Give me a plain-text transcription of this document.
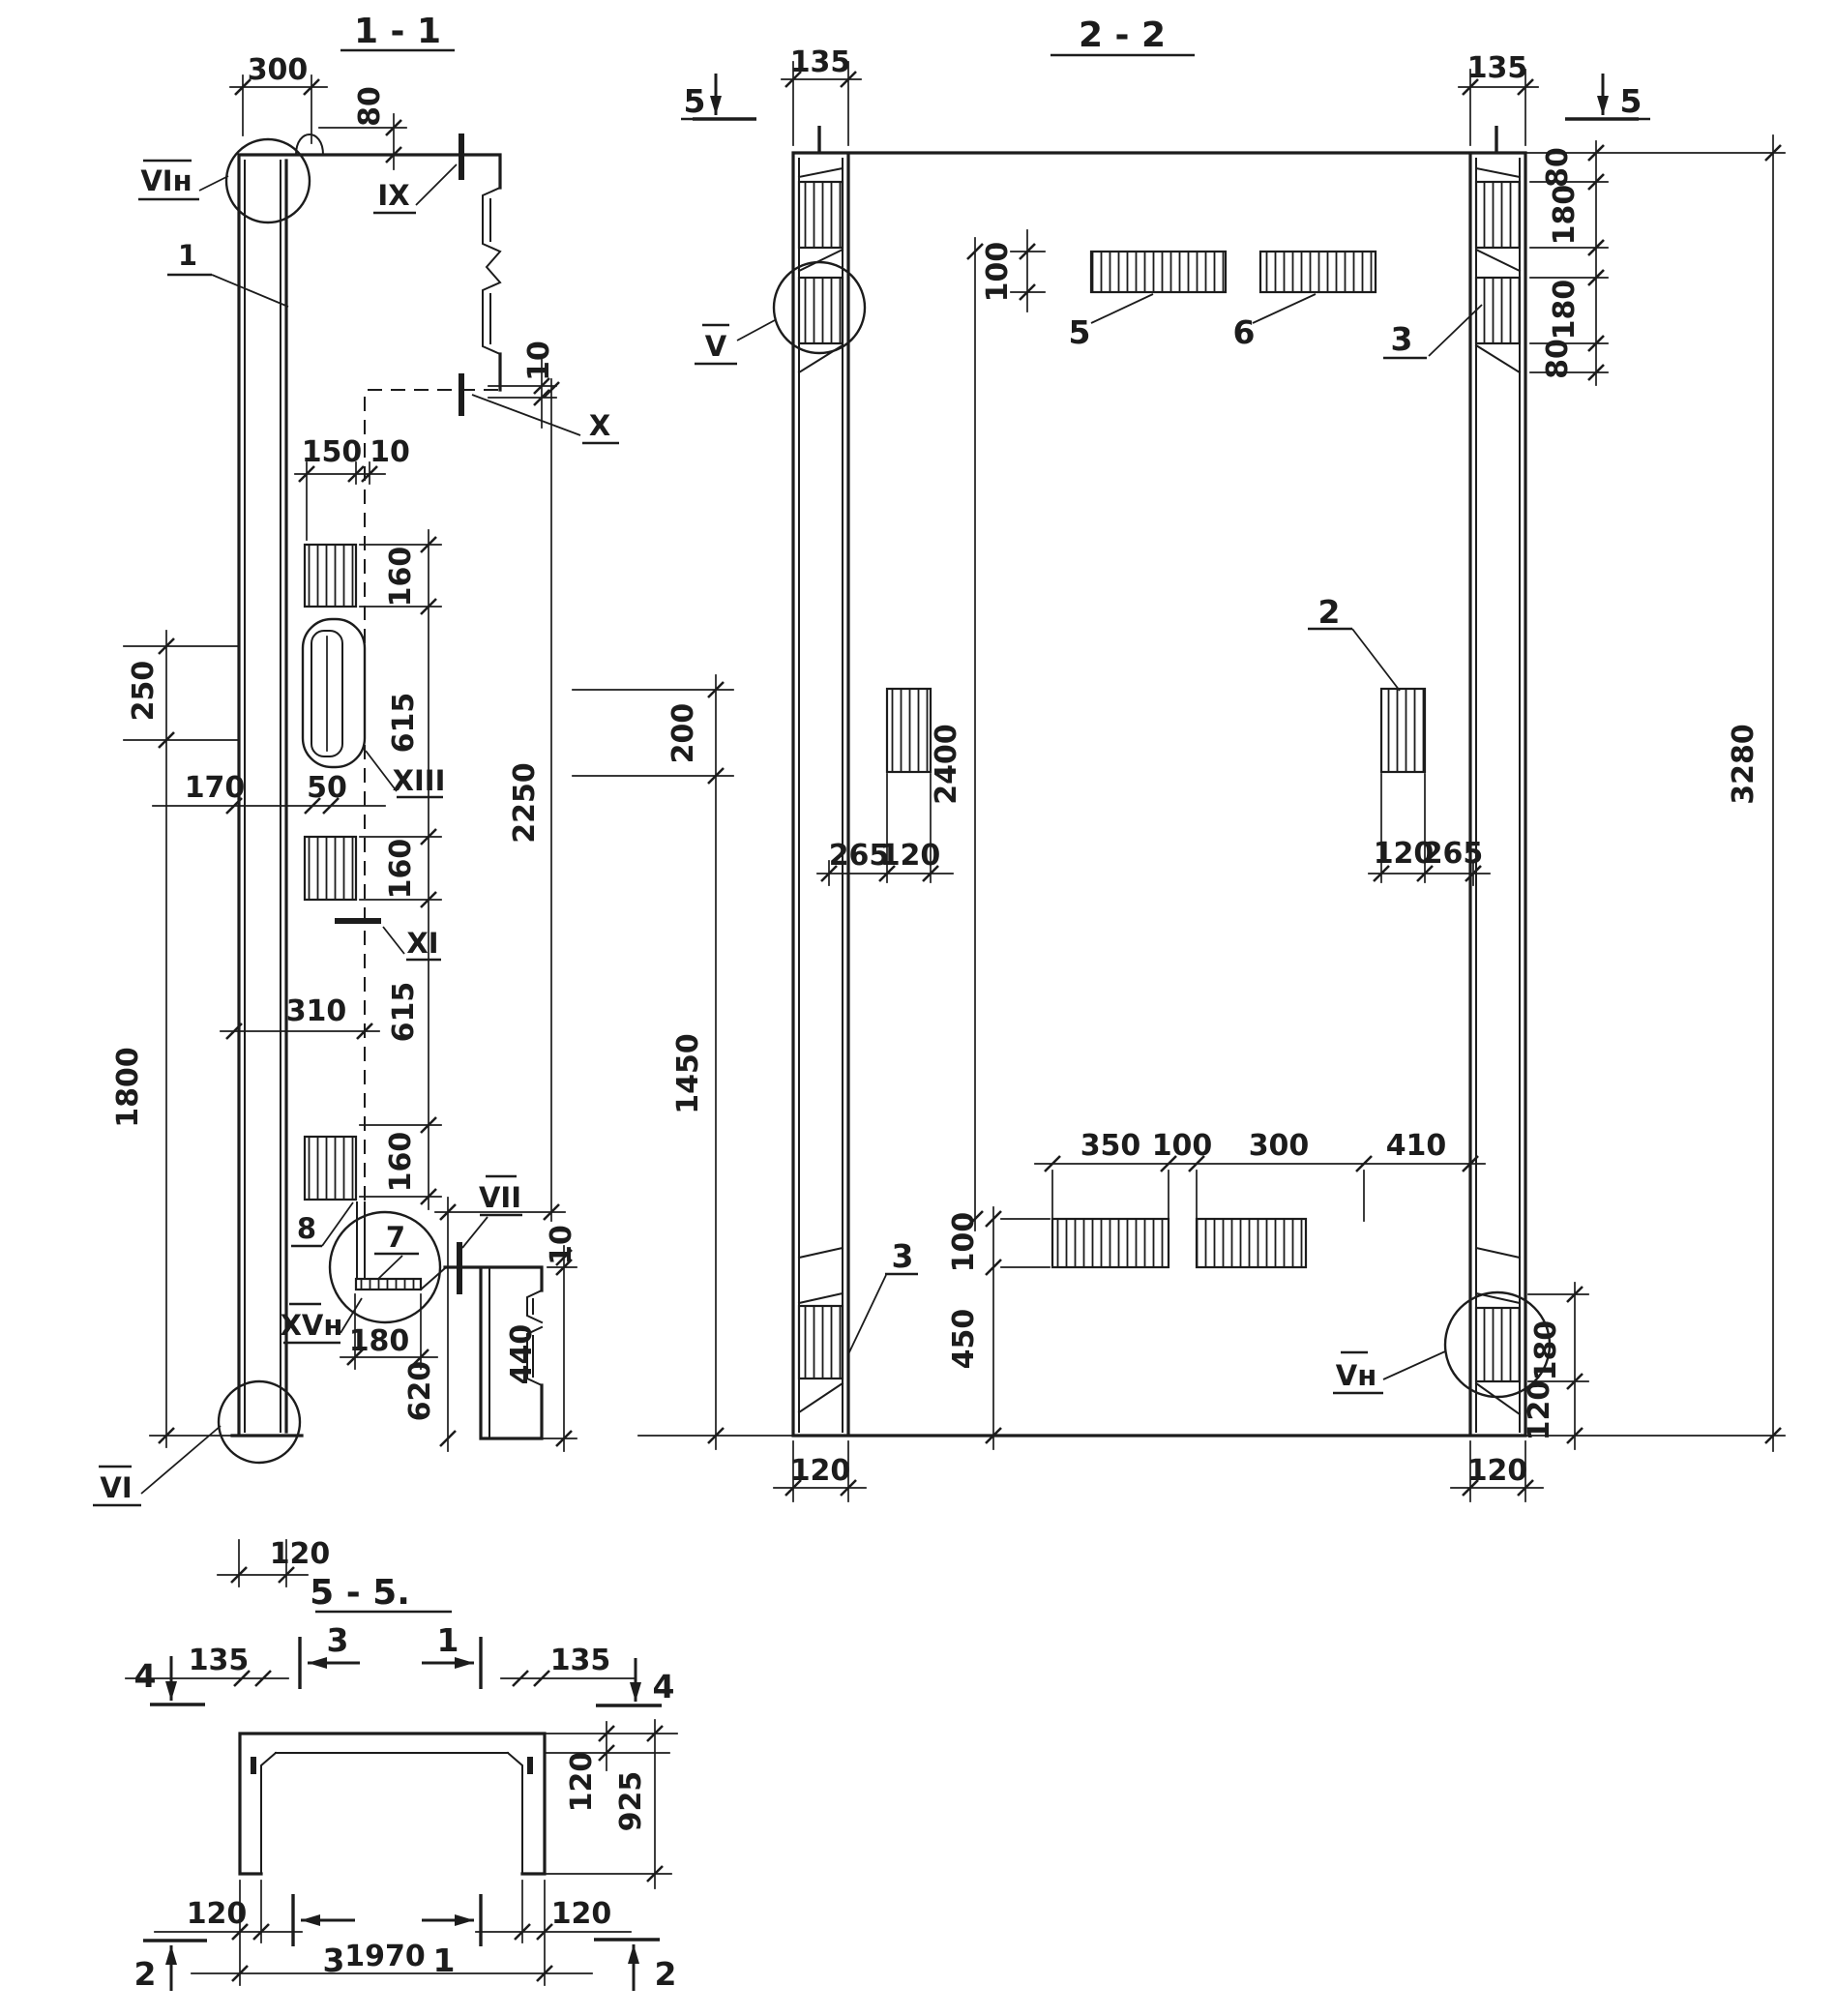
1 - 1
300
80
VIн	IX
1
10
X
150 10
160
250
615
XIII
170 50
160
XI
310 615
2250
1800
160
8 7
VII
10
XVн 180
620
440
VI
120
2 - 2
5
135	135
5
100
5	6
V	3
80
180
180
80
3280
2
200	2400
265
120	120
265
1450
350 100 300	410
3 100
450
Vн	180
120
120	120
5 - 5.
4 135
3	1
135
4
120 925
120
3	1
120
1970
2	2
